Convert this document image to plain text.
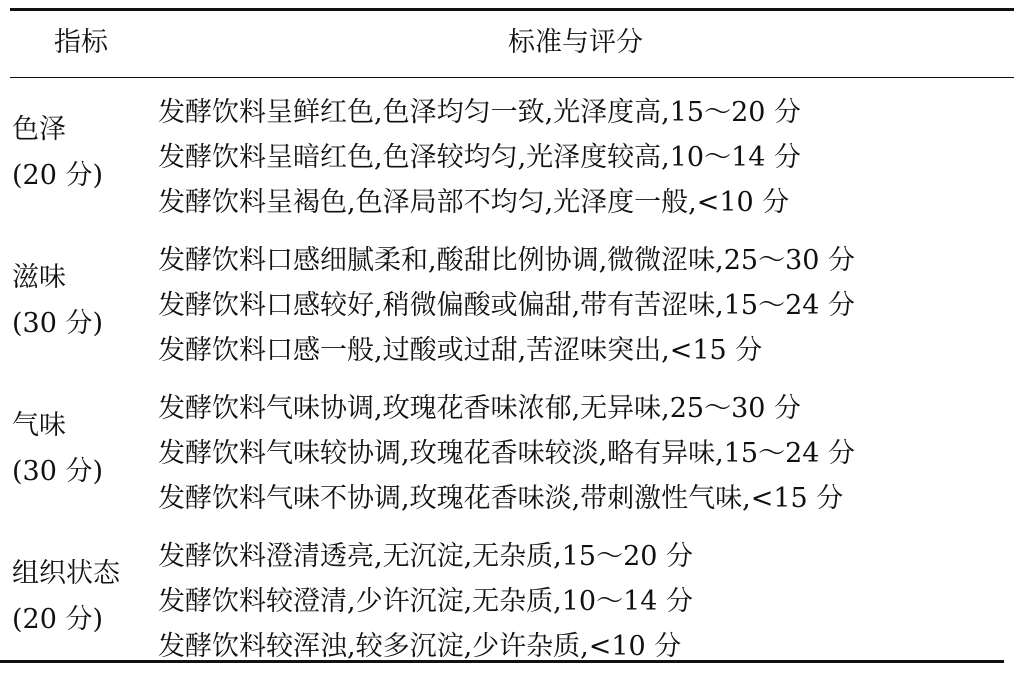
指标	标准与评分
色泽
(20 分)
发酵饮料呈鲜红色,色泽均匀一致,光泽度高,15～20 分
发酵饮料呈暗红色,色泽较均匀,光泽度较高,10～14 分
发酵饮料呈褐色,色泽局部不均匀,光泽度一般,<10 分
滋味
(30 分)
发酵饮料口感细腻柔和,酸甜比例协调,微微涩味,25～30 分
发酵饮料口感较好,稍微偏酸或偏甜,带有苦涩味,15～24 分
发酵饮料口感一般,过酸或过甜,苦涩味突出,<15 分
气味
(30 分)
发酵饮料气味协调,玫瑰花香味浓郁,无异味,25～30 分
发酵饮料气味较协调,玫瑰花香味较淡,略有异味,15～24 分
发酵饮料气味不协调,玫瑰花香味淡,带刺激性气味,<15 分
组织状态
(20 分)
发酵饮料澄清透亮,无沉淀,无杂质,15～20 分
发酵饮料较澄清,少许沉淀,无杂质,10～14 分
发酵饮料较浑浊,较多沉淀,少许杂质,<10 分
